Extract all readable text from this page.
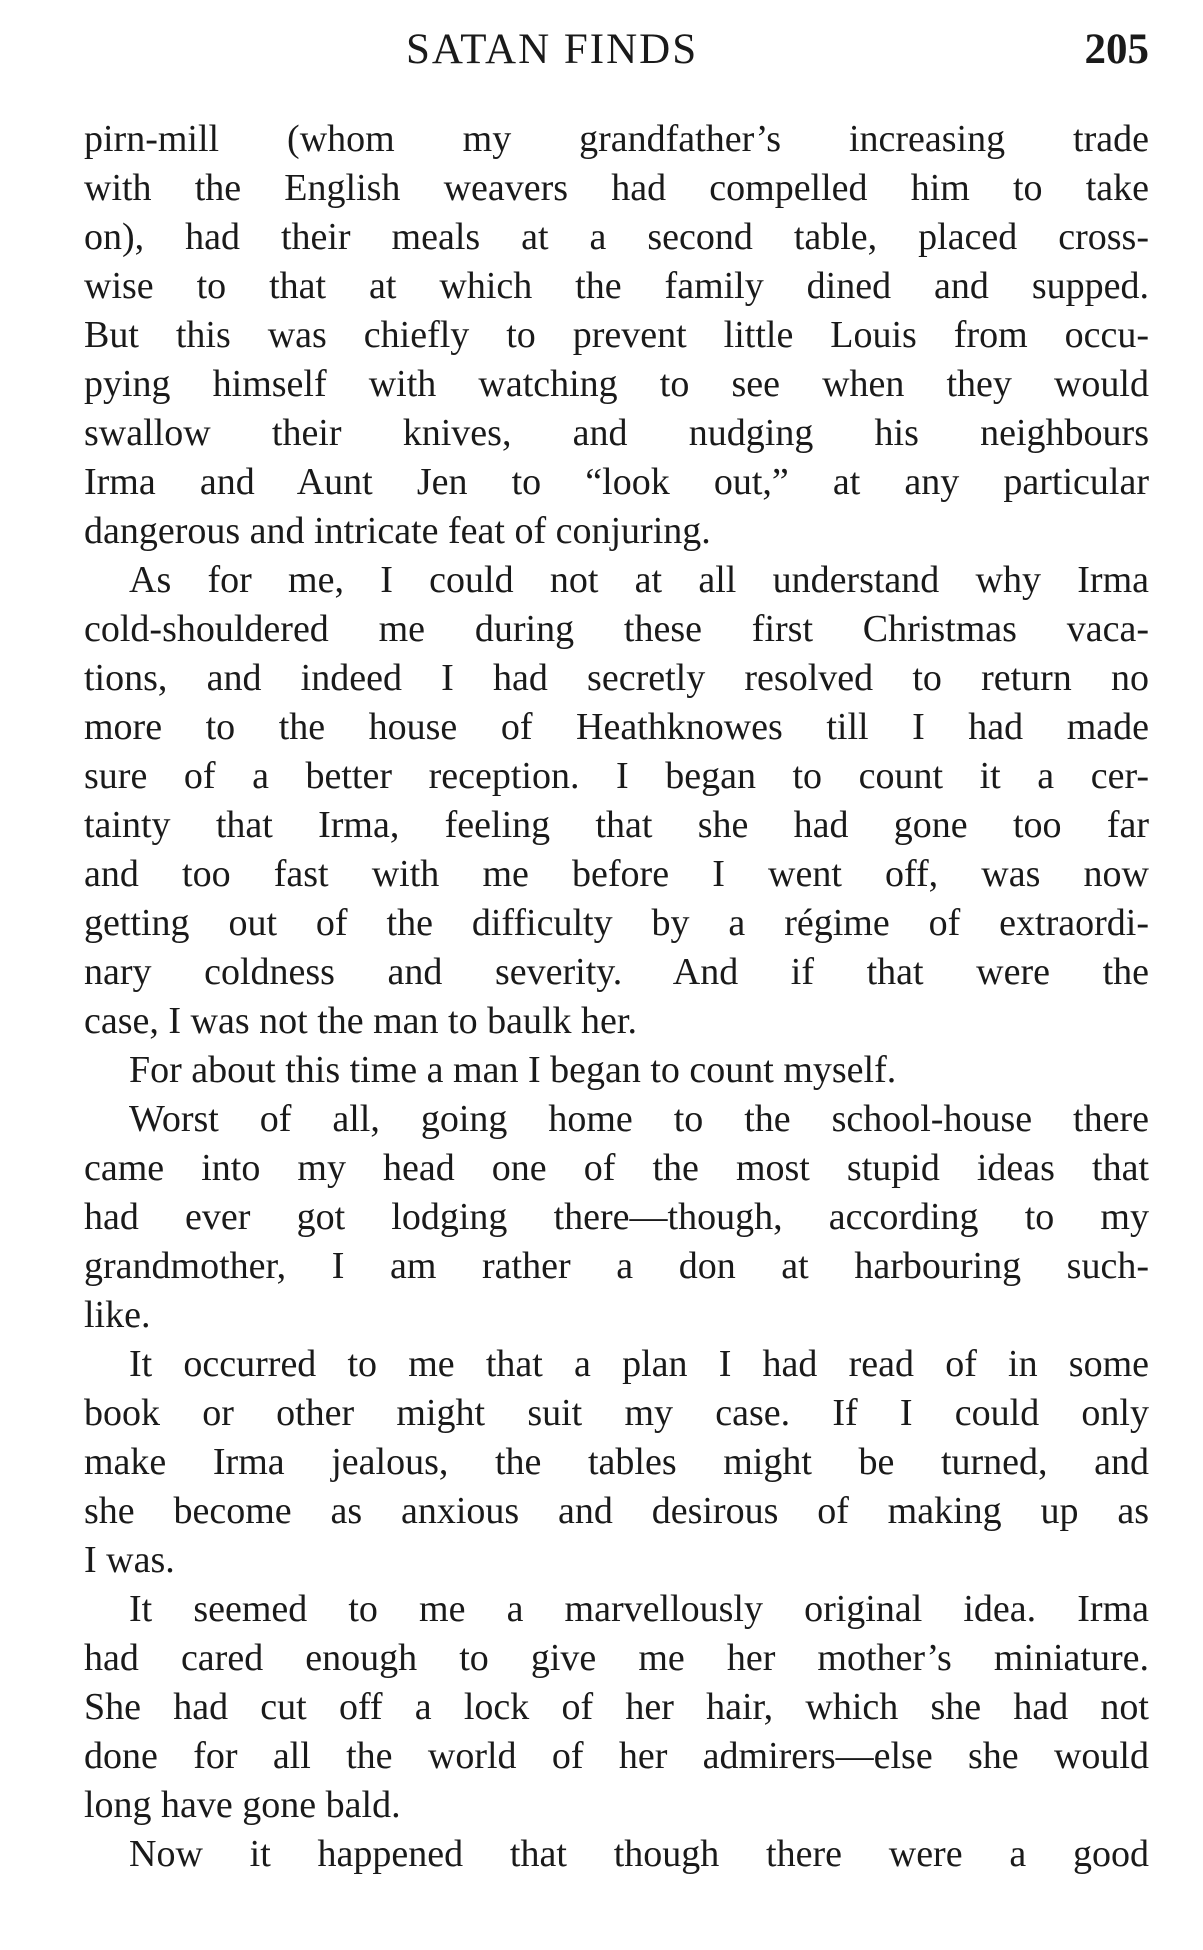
SATAN FINDS	205
pirn-mill (whom my grandfather’s increasing trade
with the English weavers had compelled him to take
on), had their meals at a second table, placed cross-
wise to that at which the family dined and supped.
But this was chiefly to prevent little Louis from occu-
pying himself with watching to see when they would
swallow their knives, and nudging his neighbours
Irma and Aunt Jen to “look out,” at any particular
dangerous and intricate feat of conjuring.
As for me, I could not at all understand why Irma
cold-shouldered me during these first Christmas vaca-
tions, and indeed I had secretly resolved to return no
more to the house of Heathknowes till I had made
sure of a better reception. I began to count it a cer-
tainty that Irma, feeling that she had gone too far
and too fast with me before I went off, was now
getting out of the difficulty by a régime of extraordi-
nary coldness and severity. And if that were the
case, I was not the man to baulk her.
For about this time a man I began to count myself.
Worst of all, going home to the school-house there
came into my head one of the most stupid ideas that
had ever got lodging there—though, according to my
grandmother, I am rather a don at harbouring such-
like.
It occurred to me that a plan I had read of in some
book or other might suit my case. If I could only
make Irma jealous, the tables might be turned, and
she become as anxious and desirous of making up as
I was.
It seemed to me a marvellously original idea. Irma
had cared enough to give me her mother’s miniature.
She had cut off a lock of her hair, which she had not
done for all the world of her admirers—else she would
long have gone bald.
Now it happened that though there were a good
